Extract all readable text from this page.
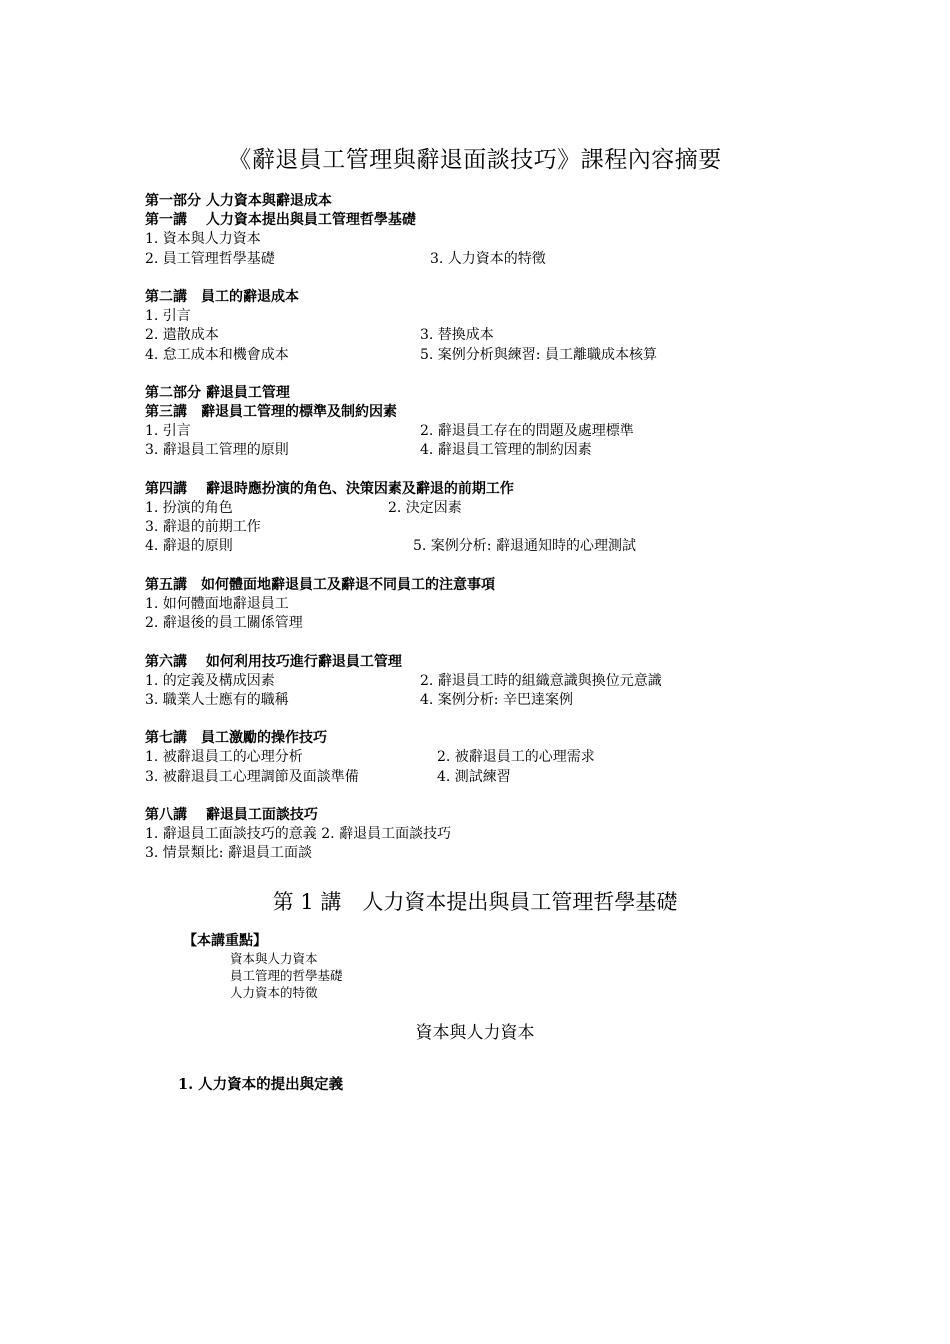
《辭退員工管理與辭退面談技巧》課程內容摘要
第一部分 人力資本與辭退成本
第一講　 人力資本提出與員工管理哲學基礎
1. 資本與人力資本
2. 員工管理哲學基礎	3. 人力資本的特徵
第二講　員工的辭退成本
1. 引言
2. 遣散成本	3. 替換成本
4. 怠工成本和機會成本	5. 案例分析與練習: 員工離職成本核算
第二部分 辭退員工管理
第三講　辭退員工管理的標準及制約因素
1. 引言	2. 辭退員工存在的問題及處理標準
3. 辭退員工管理的原則	4. 辭退員工管理的制約因素
第四講　 辭退時應扮演的角色、決策因素及辭退的前期工作
1. 扮演的角色	2. 決定因素
3. 辭退的前期工作
4. 辭退的原則	5. 案例分析: 辭退通知時的心理測試
第五講　如何體面地辭退員工及辭退不同員工的注意事項
1. 如何體面地辭退員工
2. 辭退後的員工關係管理
第六講　 如何利用技巧進行辭退員工管理
1. 的定義及構成因素	2. 辭退員工時的組織意識與換位元意識
3. 職業人士應有的職稱	4. 案例分析: 辛巴達案例
第七講　員工激勵的操作技巧
1. 被辭退員工的心理分析	2. 被辭退員工的心理需求
3. 被辭退員工心理調節及面談準備	4. 測試練習
第八講　 辭退員工面談技巧
1. 辭退員工面談技巧的意義 2. 辭退員工面談技巧
3. 情景類比: 辭退員工面談
第 1 講　人力資本提出與員工管理哲學基礎
【本講重點】
資本與人力資本
員工管理的哲學基礎
人力資本的特徵
資本與人力資本
1. 人力資本的提出與定義
